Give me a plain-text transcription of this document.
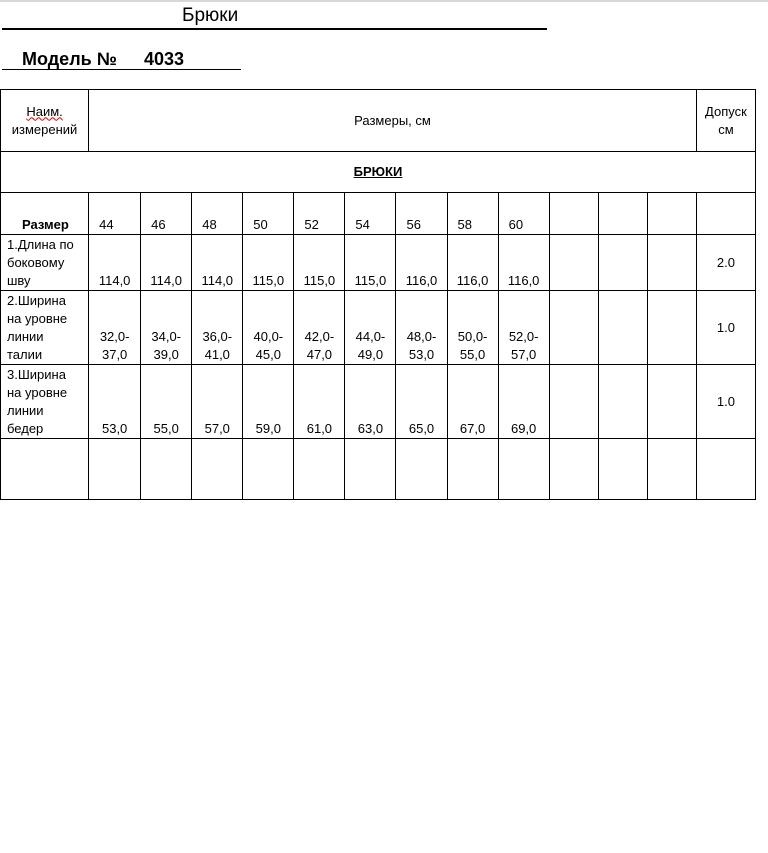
Брюки
Модель № 4033
Наим.
измерений	Размеры, см												Допуск
см
БРЮКИ													
Размер	44	46	48	50	52	54	56	58	60				
1.Длина по
боковому
шву	114,0	114,0	114,0	115,0	115,0	115,0	116,0	116,0	116,0				2.0
2.Ширина
на уровне
линии
талии	32,0-
37,0	34,0-
39,0	36,0-
41,0	40,0-
45,0	42,0-
47,0	44,0-
49,0	48,0-
53,0	50,0-
55,0	52,0-
57,0				1.0
3.Ширина
на уровне
линии
бедер	53,0	55,0	57,0	59,0	61,0	63,0	65,0	67,0	69,0				1.0
